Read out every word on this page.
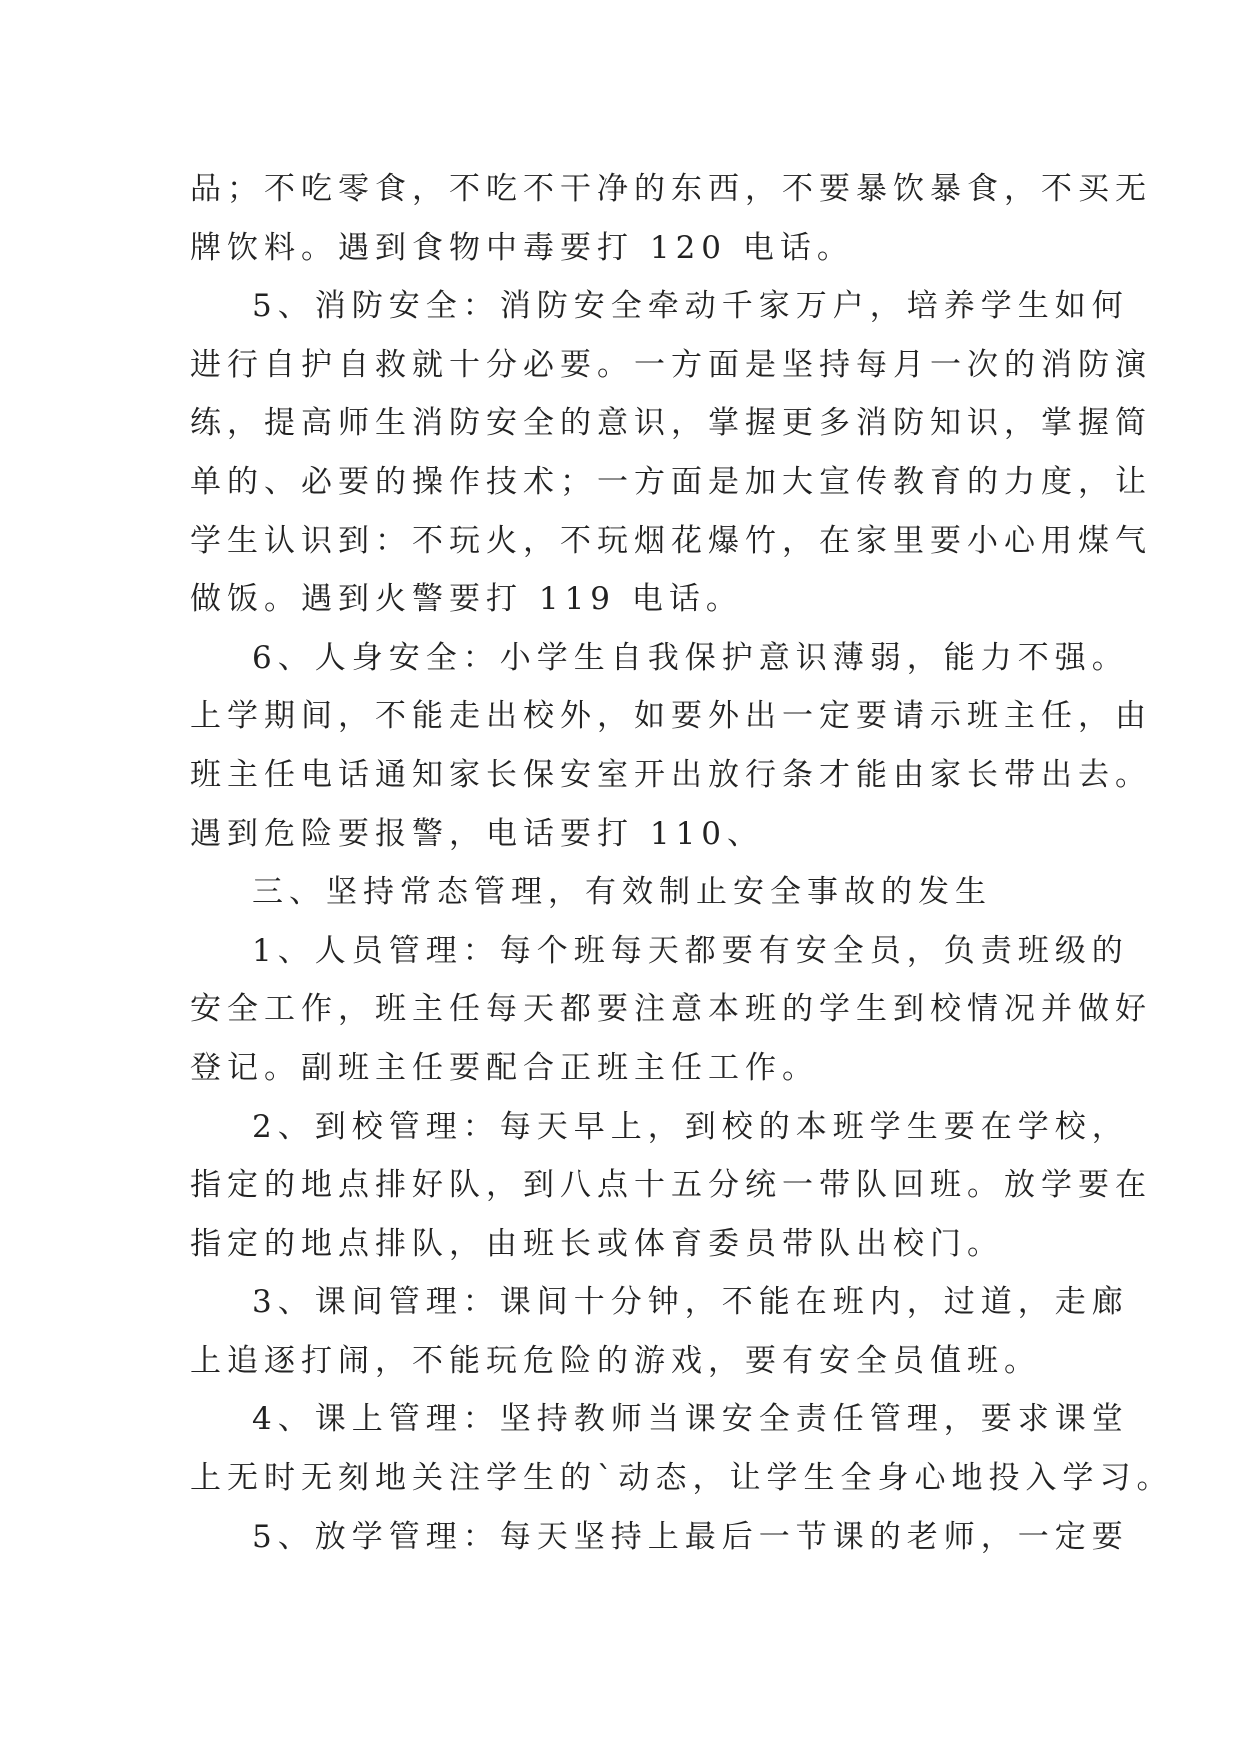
品；不吃零食，不吃不干净的东西，不要暴饮暴食，不买无
牌饮料。遇到食物中毒要打 120 电话。
5、消防安全：消防安全牵动千家万户，培养学生如何
进行自护自救就十分必要。一方面是坚持每月一次的消防演
练，提高师生消防安全的意识，掌握更多消防知识，掌握简
单的、必要的操作技术；一方面是加大宣传教育的力度，让
学生认识到：不玩火，不玩烟花爆竹，在家里要小心用煤气
做饭。遇到火警要打 119 电话。
6、人身安全：小学生自我保护意识薄弱，能力不强。
上学期间，不能走出校外，如要外出一定要请示班主任，由
班主任电话通知家长保安室开出放行条才能由家长带出去。
遇到危险要报警，电话要打 110、
三、坚持常态管理，有效制止安全事故的发生
1、人员管理：每个班每天都要有安全员，负责班级的
安全工作，班主任每天都要注意本班的学生到校情况并做好
登记。副班主任要配合正班主任工作。
2、到校管理：每天早上，到校的本班学生要在学校，
指定的地点排好队，到八点十五分统一带队回班。放学要在
指定的地点排队，由班长或体育委员带队出校门。
3、课间管理：课间十分钟，不能在班内，过道，走廊
上追逐打闹，不能玩危险的游戏，要有安全员值班。
4、课上管理：坚持教师当课安全责任管理，要求课堂
上无时无刻地关注学生的`动态，让学生全身心地投入学习。
5、放学管理：每天坚持上最后一节课的老师，一定要
